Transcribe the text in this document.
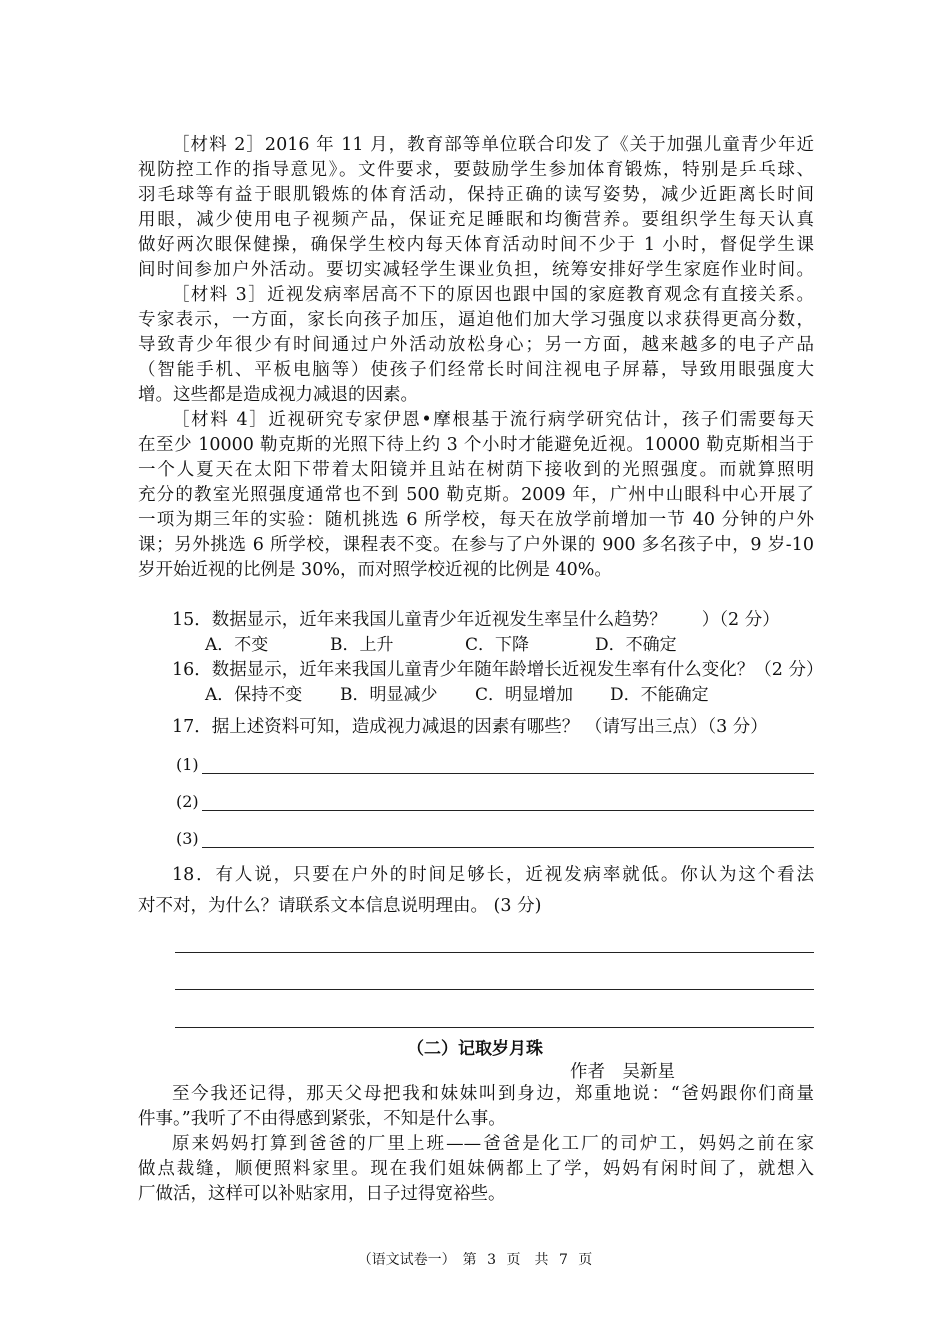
［材料 2］2016 年 11 月，教育部等单位联合印发了《关于加强儿童青少年近
视防控工作的指导意见》。文件要求，要鼓励学生参加体育锻炼，特别是乒乓球、
羽毛球等有益于眼肌锻炼的体育活动，保持正确的读写姿势，减少近距离长时间
用眼，减少使用电子视频产品，保证充足睡眠和均衡营养。要组织学生每天认真
做好两次眼保健操，确保学生校内每天体育活动时间不少于 1 小时，督促学生课
间时间参加户外活动。要切实减轻学生课业负担，统筹安排好学生家庭作业时间。
［材料 3］近视发病率居高不下的原因也跟中国的家庭教育观念有直接关系。
专家表示，一方面，家长向孩子加压，逼迫他们加大学习强度以求获得更高分数，
导致青少年很少有时间通过户外活动放松身心；另一方面，越来越多的电子产品
（智能手机、平板电脑等）使孩子们经常长时间注视电子屏幕，导致用眼强度大
增。这些都是造成视力减退的因素。
［材料 4］近视研究专家伊恩•摩根基于流行病学研究估计，孩子们需要每天
在至少 10000 勒克斯的光照下待上约 3 个小时才能避免近视。10000 勒克斯相当于
一个人夏天在太阳下带着太阳镜并且站在树荫下接收到的光照强度。而就算照明
充分的教室光照强度通常也不到 500 勒克斯。2009 年，广州中山眼科中心开展了
一项为期三年的实验：随机挑选 6 所学校，每天在放学前增加一节 40 分钟的户外
课；另外挑选 6 所学校，课程表不变。在参与了户外课的 900 多名孩子中，9 岁-10
岁开始近视的比例是 30%，而对照学校近视的比例是 40%。
15．数据显示，近年来我国儿童青少年近视发生率呈什么趋势？　　）（2 分）
A．不变	B．上升	C．下降	D．不确定
16．数据显示，近年来我国儿童青少年随年龄增长近视发生率有什么变化？（2 分）
A．保持不变 B．明显减少 C．明显增加 D．不能确定
17．据上述资料可知，造成视力减退的因素有哪些？ （请写出三点）（3 分）
(1)
(2)
(3)
18．有人说，只要在户外的时间足够长，近视发病率就低。你认为这个看法
对不对，为什么？请联系文本信息说明理由。 (3 分)
（二）记取岁月珠
作者　吴新星
至今我还记得，那天父母把我和妹妹叫到身边，郑重地说：“爸妈跟你们商量
件事。”我听了不由得感到紧张，不知是什么事。
原来妈妈打算到爸爸的厂里上班——爸爸是化工厂的司炉工，妈妈之前在家
做点裁缝，顺便照料家里。现在我们姐妹俩都上了学，妈妈有闲时间了，就想入
厂做活，这样可以补贴家用，日子过得宽裕些。
（语文试卷一）　第 3 页　共 7 页
